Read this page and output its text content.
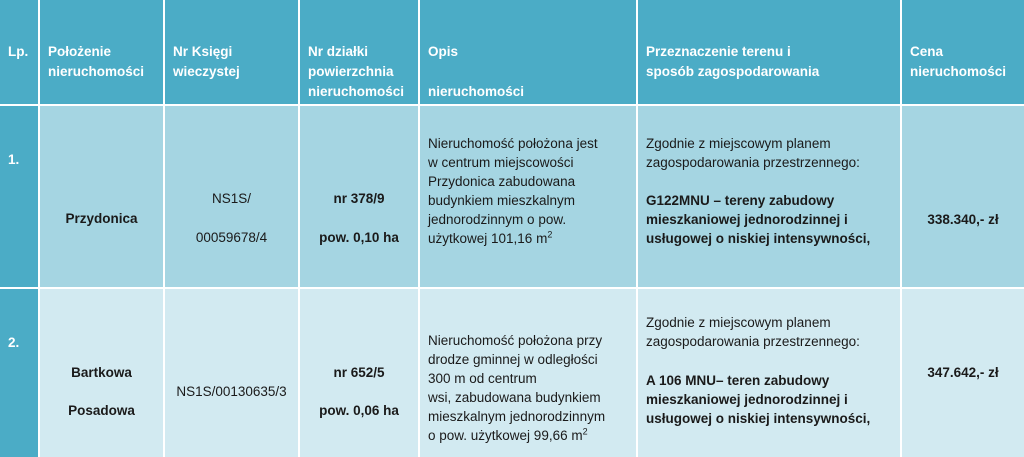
Lp. Położenie
nieruchomości
Nr Księgi
wieczystej
Nr działki
powierzchnia
nieruchomości
Opis
nieruchomości
Przeznaczenie terenu i
sposób zagospodarowania
Cena
nieruchomości
1.
Przydonica
NS1S/
00059678/4
nr 378/9
pow. 0,10 ha
Nieruchomość położona jest
w centrum miejscowości
Przydonica zabudowana
budynkiem mieszkalnym
jednorodzinnym o pow.
użytkowej 101,16 $m^2$
Zgodnie z miejscowym planem
zagospodarowania przestrzennego:
G122MNU – tereny zabudowy
mieszkaniowej jednorodzinnej i
usługowej o niskiej intensywności,
338.340,- zł
2.
Bartkowa
Posadowa
NS1S/00130635/3
nr 652/5
pow. 0,06 ha
Nieruchomość położona przy
drodze gminnej w odległości
300 m od centrum
wsi, zabudowana budynkiem
mieszkalnym jednorodzinnym
o pow. użytkowej 99,66 $m^2$
Zgodnie z miejscowym planem
zagospodarowania przestrzennego:
A 106 MNU– teren zabudowy
mieszkaniowej jednorodzinnej i
usługowej o niskiej intensywności,
347.642,- zł
